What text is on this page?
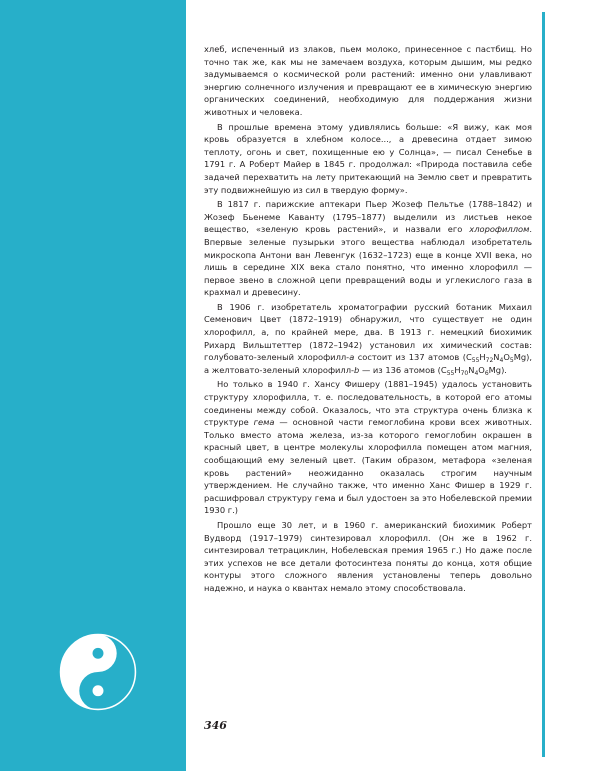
хлеб, испеченный из злаков, пьем молоко, принесенное с пастбищ. Но точно так же, как мы не замечаем воздуха, которым дышим, мы редко задумываемся о космической роли растений: именно они улавливают энергию солнечного излучения и превращают ее в химическую энергию органических соединений, необходимую для поддержания жизни животных и человека.

В прошлые времена этому удивлялись больше: «Я вижу, как моя кровь образуется в хлебном колосе..., а древесина отдает зимою теплоту, огонь и свет, похищенные ею у Солнца», — писал Сенебье в 1791 г. А Роберт Майер в 1845 г. продолжал: «Природа поставила себе задачей перехватить на лету притекающий на Землю свет и превратить эту подвижнейшую из сил в твердую форму».

В 1817 г. парижские аптекари Пьер Жозеф Пельтье (1788–1842) и Жозеф Бьенеме Каванту (1795–1877) выделили из листьев некое вещество, «зеленую кровь растений», и назвали его хлорофиллом. Впервые зеленые пузырьки этого вещества наблюдал изобретатель микроскопа Антони ван Левенгук (1632–1723) еще в конце XVII века, но лишь в середине XIX века стало понятно, что именно хлорофилл — первое звено в сложной цепи превращений воды и углекислого газа в крахмал и древесину.

В 1906 г. изобретатель хроматографии русский ботаник Михаил Семенович Цвет (1872–1919) обнаружил, что существует не один хлорофилл, а, по крайней мере, два. В 1913 г. немецкий биохимик Рихард Вильштеттер (1872–1942) установил их химический состав: голубовато-зеленый хлорофилл-а состоит из 137 атомов $(C_{55}H_{72}N_4O_5Mg)$, а желтовато-зеленый хлорофилл-b — из 136 атомов $(C_{55}H_{70}N_4O_6Mg)$.

Но только в 1940 г. Хансу Фишеру (1881–1945) удалось установить структуру хлорофилла, т. е. последовательность, в которой его атомы соединены между собой. Оказалось, что эта структура очень близка к структуре гема — основной части гемоглобина крови всех животных. Только вместо атома железа, из-за которого гемоглобин окрашен в красный цвет, в центре молекулы хлорофилла помещен атом магния, сообщающий ему зеленый цвет. (Таким образом, метафора «зеленая кровь растений» неожиданно оказалась строгим научным утверждением. Не случайно также, что именно Ханс Фишер в 1929 г. расшифровал структуру гема и был удостоен за это Нобелевской премии 1930 г.)

Прошло еще 30 лет, и в 1960 г. американский биохимик Роберт Вудворд (1917–1979) синтезировал хлорофилл. (Он же в 1962 г. синтезировал тетрациклин, Нобелевская премия 1965 г.) Но даже после этих успехов не все детали фотосинтеза поняты до конца, хотя общие контуры этого сложного явления установлены теперь довольно надежно, и наука о квантах немало этому способствовала.

346
